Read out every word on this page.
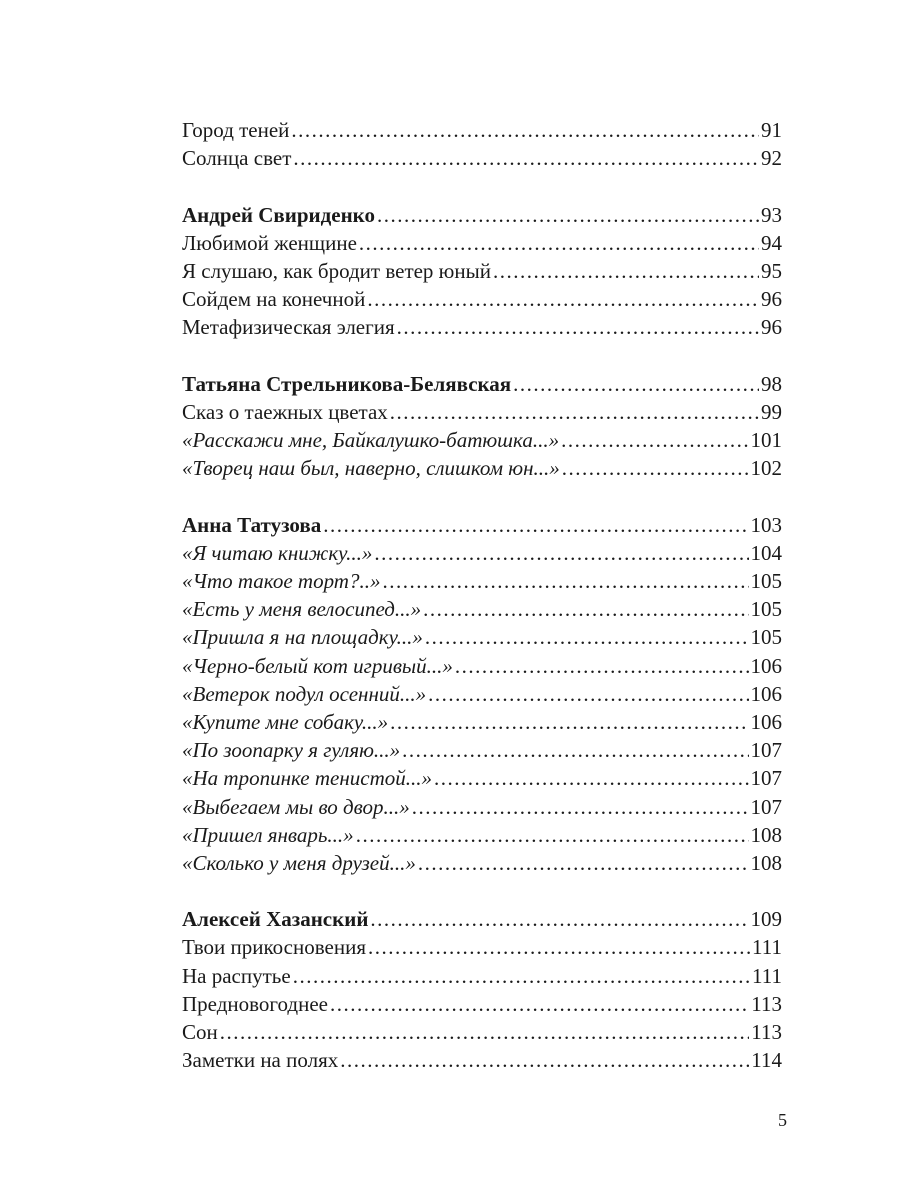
Город теней .....	91
Солнца свет .....	92
Андрей Свириденко .....	93
Любимой женщине .....	94
Я слушаю, как бродит ветер юный .....	95
Сойдем на конечной .....	96
Метафизическая элегия .....	96
Татьяна Стрельникова-Белявская .....	98
Сказ о таежных цветах .....	99
«Расскажи мне, Байкалушко-батюшка...» .....	101
«Творец наш был, наверно, слишком юн...» .....	102
Анна Татузова .....	103
«Я читаю книжку...» .....	104
«Что такое торт?..» .....	105
«Есть у меня велосипед...» .....	105
«Пришла я на площадку...» .....	105
«Черно-белый кот игривый...» .....	106
«Ветерок подул осенний...» .....	106
«Купите мне собаку...» .....	106
«По зоопарку я гуляю...» .....	107
«На тропинке тенистой...» .....	107
«Выбегаем мы во двор...» .....	107
«Пришел январь...» .....	108
«Сколько у меня друзей...» .....	108
Алексей Хазанский .....	109
Твои прикосновения .....	111
На распутье .....	111
Предновогоднее .....	113
Сон .....	113
Заметки на полях .....	114
5
